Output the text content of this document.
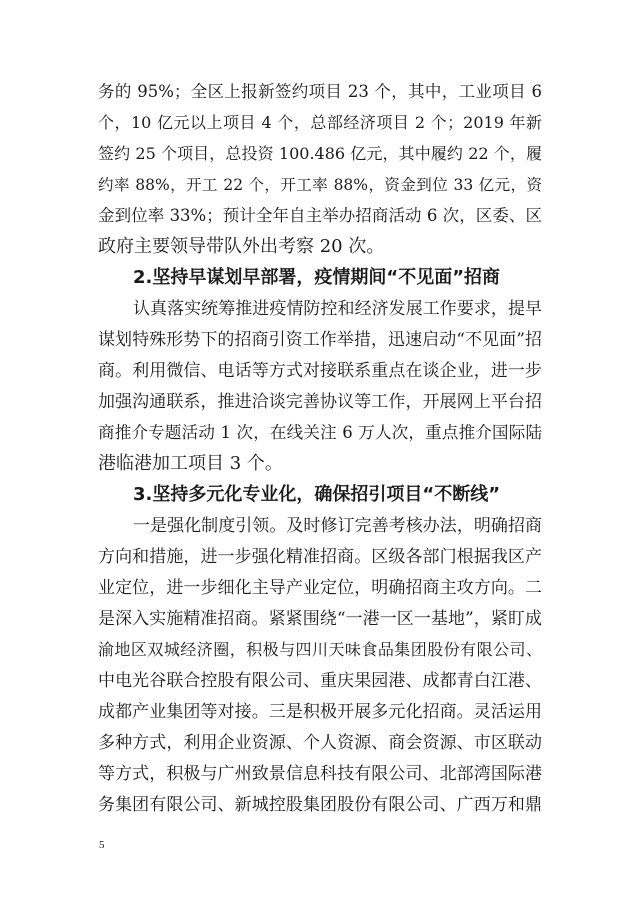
务的 95%；全区上报新签约项目 23 个，其中，工业项目 6
个，10 亿元以上项目 4 个，总部经济项目 2 个；2019 年新
签约 25 个项目，总投资 100.486 亿元，其中履约 22 个，履
约率 88%，开工 22 个，开工率 88%，资金到位 33 亿元，资
金到位率 33%；预计全年自主举办招商活动 6 次，区委、区
政府主要领导带队外出考察 20 次。
2.坚持早谋划早部署，疫情期间“不见面”招商
认真落实统筹推进疫情防控和经济发展工作要求，提早
谋划特殊形势下的招商引资工作举措，迅速启动“不见面”招
商。利用微信、电话等方式对接联系重点在谈企业，进一步
加强沟通联系，推进洽谈完善协议等工作，开展网上平台招
商推介专题活动 1 次，在线关注 6 万人次，重点推介国际陆
港临港加工项目 3 个。
3.坚持多元化专业化，确保招引项目“不断线”
一是强化制度引领。及时修订完善考核办法，明确招商
方向和措施，进一步强化精准招商。区级各部门根据我区产
业定位，进一步细化主导产业定位，明确招商主攻方向。二
是深入实施精准招商。紧紧围绕“一港一区一基地”，紧盯成
渝地区双城经济圈，积极与四川天味食品集团股份有限公司、
中电光谷联合控股有限公司、重庆果园港、成都青白江港、
成都产业集团等对接。三是积极开展多元化招商。灵活运用
多种方式，利用企业资源、个人资源、商会资源、市区联动
等方式，积极与广州致景信息科技有限公司、北部湾国际港
务集团有限公司、新城控股集团股份有限公司、广西万和鼎
5
